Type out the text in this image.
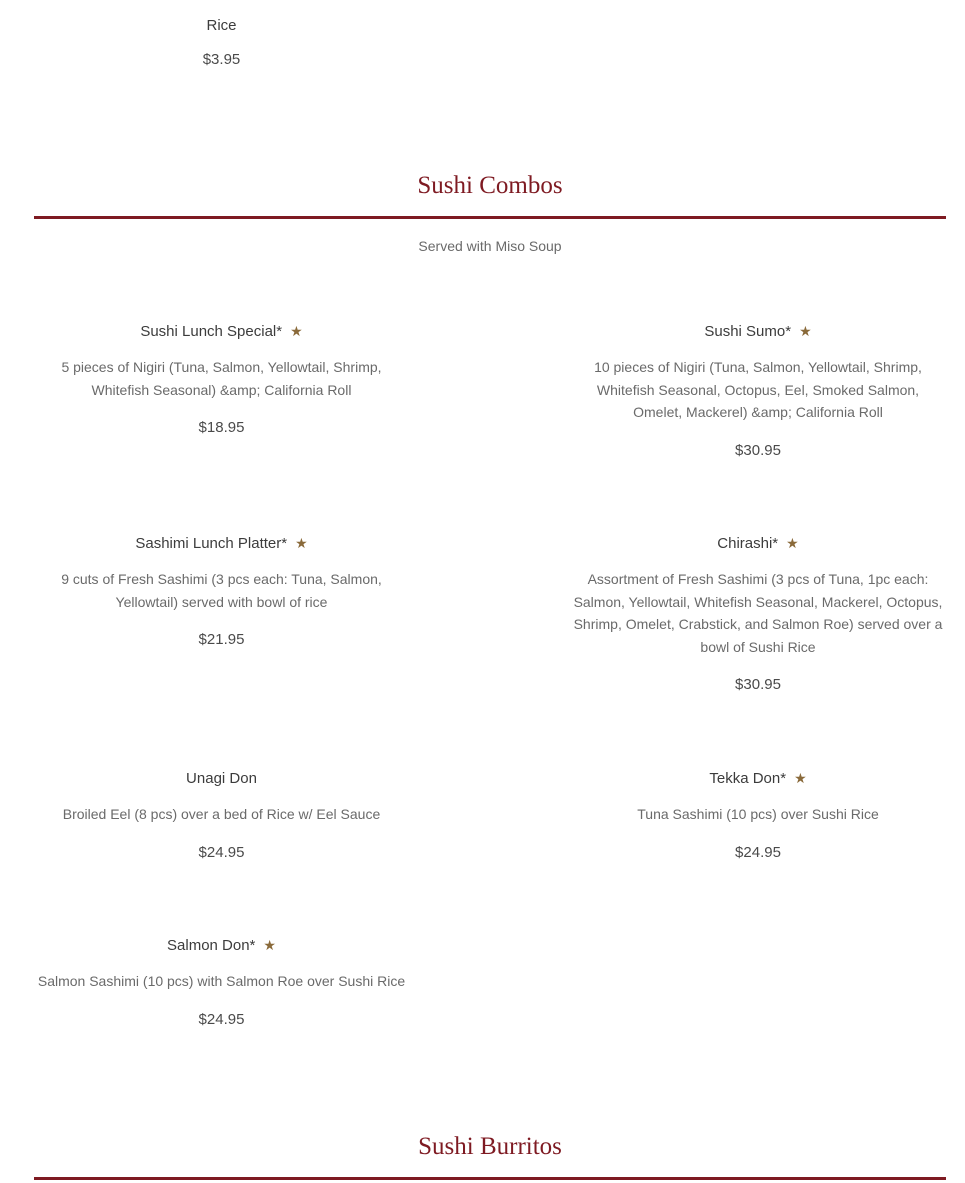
Rice
$3.95
Sushi Combos
Served with Miso Soup
Sushi Lunch Special* ★
5 pieces of Nigiri (Tuna, Salmon, Yellowtail, Shrimp, Whitefish Seasonal) &amp; California Roll
$18.95
Sushi Sumo* ★
10 pieces of Nigiri (Tuna, Salmon, Yellowtail, Shrimp, Whitefish Seasonal, Octopus, Eel, Smoked Salmon, Omelet, Mackerel) &amp; California Roll
$30.95
Sashimi Lunch Platter* ★
9 cuts of Fresh Sashimi (3 pcs each: Tuna, Salmon, Yellowtail) served with bowl of rice
$21.95
Chirashi* ★
Assortment of Fresh Sashimi (3 pcs of Tuna, 1pc each: Salmon, Yellowtail, Whitefish Seasonal, Mackerel, Octopus, Shrimp, Omelet, Crabstick, and Salmon Roe) served over a bowl of Sushi Rice
$30.95
Unagi Don
Broiled Eel (8 pcs) over a bed of Rice w/ Eel Sauce
$24.95
Tekka Don* ★
Tuna Sashimi (10 pcs) over Sushi Rice
$24.95
Salmon Don* ★
Salmon Sashimi (10 pcs) with Salmon Roe over Sushi Rice
$24.95
Sushi Burritos
